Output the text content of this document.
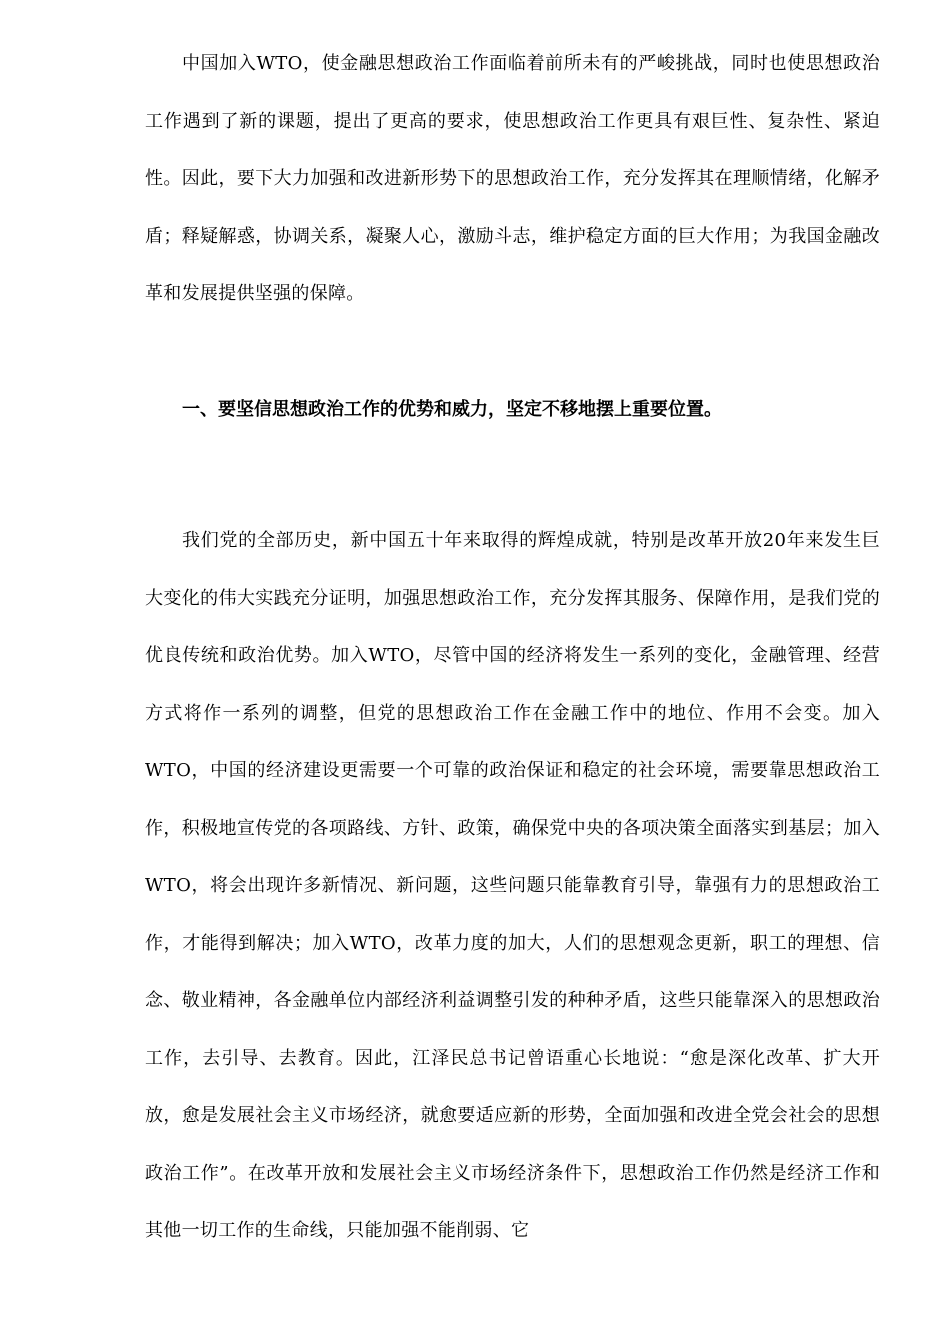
中国加入WTO，使金融思想政治工作面临着前所未有的严峻挑战，同时也使思想政治工作遇到了新的课题，提出了更高的要求，使思想政治工作更具有艰巨性、复杂性、紧迫性。因此，要下大力加强和改进新形势下的思想政治工作，充分发挥其在理顺情绪，化解矛盾；释疑解惑，协调关系，凝聚人心，激励斗志，维护稳定方面的巨大作用；为我国金融改革和发展提供坚强的保障。

一、要坚信思想政治工作的优势和威力，坚定不移地摆上重要位置。

我们党的全部历史，新中国五十年来取得的辉煌成就，特别是改革开放20年来发生巨大变化的伟大实践充分证明，加强思想政治工作，充分发挥其服务、保障作用，是我们党的优良传统和政治优势。加入WTO，尽管中国的经济将发生一系列的变化，金融管理、经营方式将作一系列的调整，但党的思想政治工作在金融工作中的地位、作用不会变。加入WTO，中国的经济建设更需要一个可靠的政治保证和稳定的社会环境，需要靠思想政治工作，积极地宣传党的各项路线、方针、政策，确保党中央的各项决策全面落实到基层；加入WTO，将会出现许多新情况、新问题，这些问题只能靠教育引导，靠强有力的思想政治工作，才能得到解决；加入WTO，改革力度的加大，人们的思想观念更新，职工的理想、信念、敬业精神，各金融单位内部经济利益调整引发的种种矛盾，这些只能靠深入的思想政治工作，去引导、去教育。因此，江泽民总书记曾语重心长地说：“愈是深化改革、扩大开放，愈是发展社会主义市场经济，就愈要适应新的形势，全面加强和改进全党会社会的思想政治工作”。在改革开放和发展社会主义市场经济条件下，思想政治工作仍然是经济工作和其他一切工作的生命线，只能加强不能削弱、它
